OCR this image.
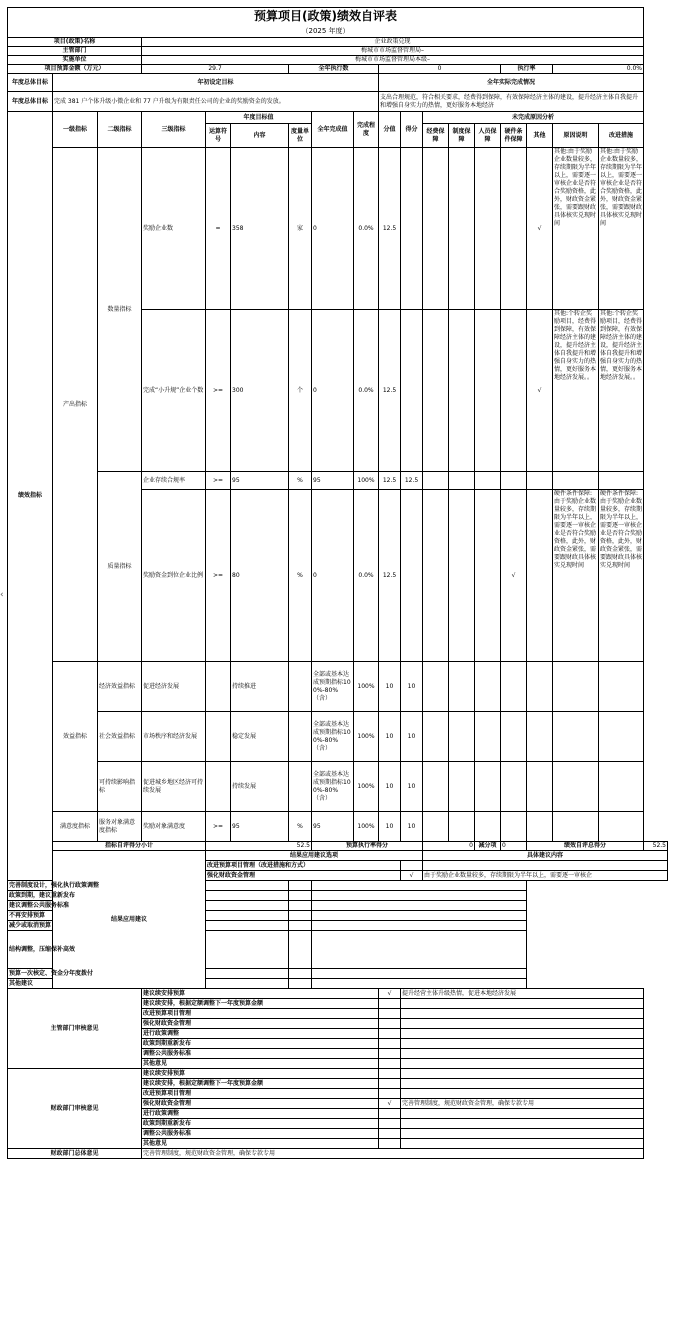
‹
预算项目(政策)绩效自评表																		
（2025 年度）																		
项目(政策)名称			企业政策兑现															
主管部门			梅城市市场监督管理局–															
实施单位			梅城市市场监督管理局本级–															
项目预算金额（万元）			29.7			全年执行数			0					执行率		0.0%		
年度总体目标	年初设定目标								全年实际完成情况									
年度总体目标	完成 381 户个体升级小微企业和 77 户升级为有限责任公司的企业的奖励资金的发放。								支出合理规范，符合相关要求，经费得到保障，有效保障经济主体的建设，提升经济主体自我提升和增强自身实力的热情，更好服务本地经济									
绩效指标	一级指标	二级指标	三级指标	年度目标值			全年完成值	完成程度	分值	得分	未完成原因分析							
				运算符号	内容	度量单位					经费保障	制度保障	人员保障	硬件条件保障	其他	原因说明	改进措施	

	产出指标	数量指标	奖励企业数	=	358	家	0	0.0%	12.5						√	其他:由于奖励企业数量较多，存续期限为半年以上，需要逐一审核企业是否符合奖励资格，此外，财政资金紧张，需要跟财政具体核实兑现时间	其他:由于奖励企业数量较多，存续期限为半年以上，需要逐一审核企业是否符合奖励资格，此外，财政资金紧张，需要跟财政具体核实兑现时间	
			完成“小升规”企业个数	>=	300	个	0	0.0%	12.5						√	其他:个转企奖励项目，经费得到保障，有效保障经济主体的建设，提升经济主体自我提升和增强自身实力的热情，更好服务本地经济发展。。	其他:个转企奖励项目，经费得到保障，有效保障经济主体的建设，提升经济主体自我提升和增强自身实力的热情，更好服务本地经济发展。。	
		质量指标	企业存续合规率	>=	95	%	95	100%	12.5	12.5								
			奖励资金到位企业比例	>=	80	%	0	0.0%	12.5					√		硬件条件保障:由于奖励企业数量较多，存续期限为半年以上，需要逐一审核企业是否符合奖励资格，此外，财政资金紧张，需要跟财政具体核实兑现时间	硬件条件保障:由于奖励企业数量较多，存续期限为半年以上，需要逐一审核企业是否符合奖励资格，此外，财政资金紧张，需要跟财政具体核实兑现时间	
	效益指标	经济效益指标	促进经济发展		持续推进		全部或基本达成预期指标100%-80%（含）	100%	10	10								
		社会效益指标	市场秩序和经济发展		稳定发展		全部或基本达成预期指标100%-80%（含）	100%	10	10								
		可持续影响指标	促进城乡地区经济可持续发展		持续发展		全部或基本达成预期指标100%-80%（含）	100%	10	10								
	满意度指标	服务对象满意度指标	奖励对象满意度	>=	95	%	95	100%	10	10								
	指标自评得分小计			52.5			预算执行率得分				0		减分项	0	绩效自评总得分			52.5
	结果应用建议			结果应用建议选项							具体建议内容							
				改进预算项目管理（改进措施和方式）														
				强化财政资金管理						√	由于奖励企业数量较多，存续期限为半年以上，需要逐一审核企							
完善制度设计，强化执行政策调整																		
政策到期，建议重新发布																		
建议调整公共服务标准																		
不再安排预算																		
减少或取消预算																		
结构调整，压缩保补高效																		
预算一次核定、资金分年度拨付																		
其他建议																		
主管部门审核意见			建议续安排预算						√	提升经营主体升级热情，促进本地经济发展								
			建议续安排，根据定额调整下一年度预算金额															
			改进预算项目管理															
			强化财政资金管理															
			进行政策调整															
			政策到期重新发布															
			调整公共服务标准															
			其他意见															
财政部门审核意见			建议续安排预算															
			建议续安排，根据定额调整下一年度预算金额															
			改进预算项目管理															
			强化财政资金管理						√	完善管理制度，规范财政资金管理，确保专款专用								
			进行政策调整															
			政策到期重新发布															
			调整公共服务标准															
			其他意见															
财政部门总体意见			完善管理制度，规范财政资金管理，确保专款专用															
